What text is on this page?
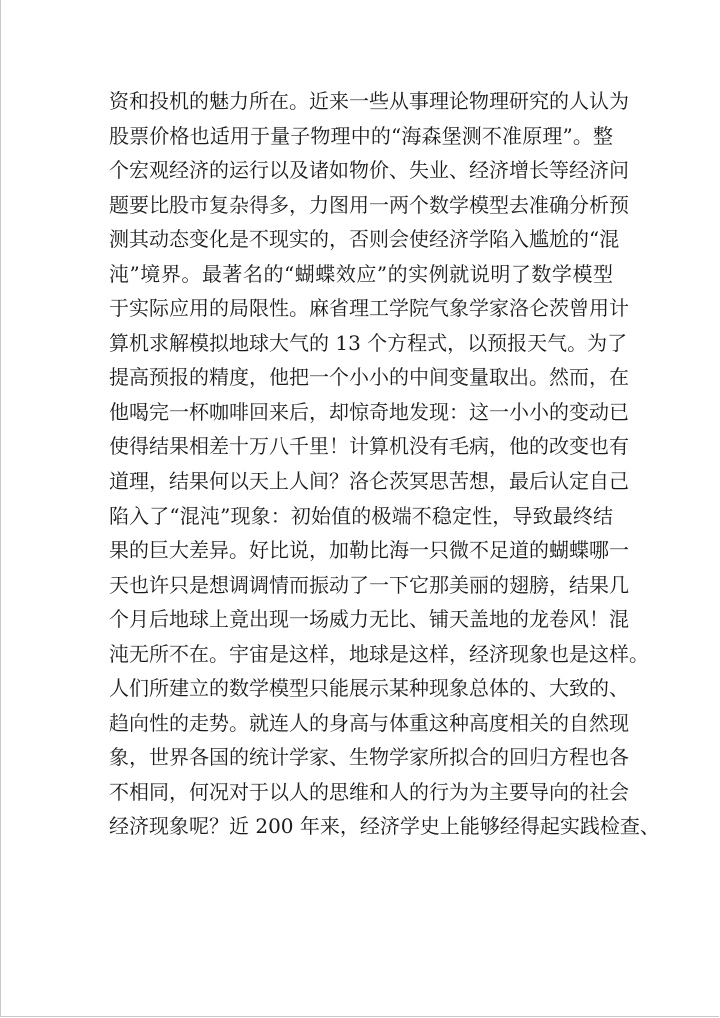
资和投机的魅力所在。近来一些从事理论物理研究的人认为
股票价格也适用于量子物理中的“海森堡测不准原理”。整
个宏观经济的运行以及诸如物价、失业、经济增长等经济问
题要比股市复杂得多，力图用一两个数学模型去准确分析预
测其动态变化是不现实的，否则会使经济学陷入尴尬的“混
沌”境界。最著名的“蝴蝶效应”的实例就说明了数学模型
于实际应用的局限性。麻省理工学院气象学家洛仑茨曾用计
算机求解模拟地球大气的 13 个方程式，以预报天气。为了
提高预报的精度，他把一个小小的中间变量取出。然而，在
他喝完一杯咖啡回来后，却惊奇地发现：这一小小的变动已
使得结果相差十万八千里！计算机没有毛病，他的改变也有
道理，结果何以天上人间？洛仑茨冥思苦想，最后认定自己
陷入了“混沌”现象：初始值的极端不稳定性，导致最终结
果的巨大差异。好比说，加勒比海一只微不足道的蝴蝶哪一
天也许只是想调调情而振动了一下它那美丽的翅膀，结果几
个月后地球上竟出现一场威力无比、铺天盖地的龙卷风！混
沌无所不在。宇宙是这样，地球是这样，经济现象也是这样。
人们所建立的数学模型只能展示某种现象总体的、大致的、
趋向性的走势。就连人的身高与体重这种高度相关的自然现
象，世界各国的统计学家、生物学家所拟合的回归方程也各
不相同，何况对于以人的思维和人的行为为主要导向的社会
经济现象呢？近 200 年来，经济学史上能够经得起实践检查、
